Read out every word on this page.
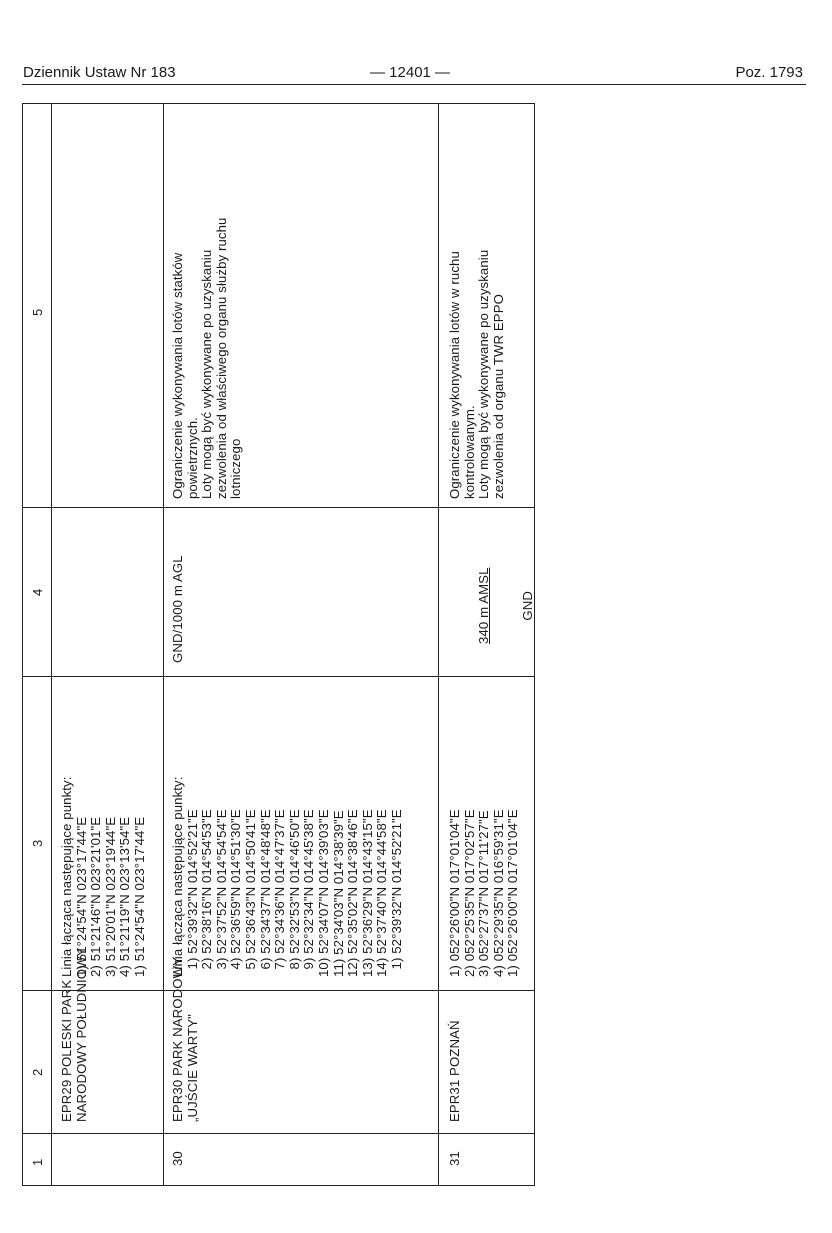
Dziennik Ustaw Nr 183	— 12401 —	Poz. 1793
1
2
3
4
5
EPR29 POLESKI PARK
NARODOWY POŁUDNIOWY
Linia łącząca następujące punkty:
1) 51°24'54"N 023°17'44"E
2) 51°21'46"N 023°21'01"E
3) 51°20'01"N 023°19'44"E
4) 51°21'19"N 023°13'54"E
1) 51°24'54"N 023°17'44"E
30
EPR30 PARK NARODOWY
„UJŚCIE WARTY"
Linia łącząca następujące punkty:
1) 52°39'32"N 014°52'21"E
2) 52°38'16"N 014°54'53"E
3) 52°37'52"N 014°54'54"E
4) 52°36'59"N 014°51'30"E
5) 52°36'43"N 014°50'41"E
6) 52°34'37"N 014°48'48"E
7) 52°34'36"N 014°47'37"E
8) 52°32'53"N 014°46'50"E
9) 52°32'34"N 014°45'38"E
10) 52°34'07"N 014°39'03"E
11) 52°34'03"N 014°38'39"E
12) 52°35'02"N 014°38'46"E
13) 52°36'29"N 014°43'15"E
14) 52°37'40"N 014°44'58"E
1) 52°39'32"N 014°52'21"E
GND/1000 m AGL
Ograniczenie wykonywania lotów statków
powietrznych.
Loty mogą być wykonywane po uzyskaniu
zezwolenia od właściwego organu służby ruchu
lotniczego
31
EPR31 POZNAŃ
1) 052°26'00"N 017°01'04"E
2) 052°25'35"N 017°02'57"E
3) 052°27'37"N 017°11'27"E
4) 052°29'35"N 016°59'31"E
1) 052°26'00"N 017°01'04"E

340 m AMSL

GND

Ograniczenie wykonywania lotów w ruchu
kontrolowanym.
Loty mogą być wykonywane po uzyskaniu
zezwolenia od organu TWR EPPO
